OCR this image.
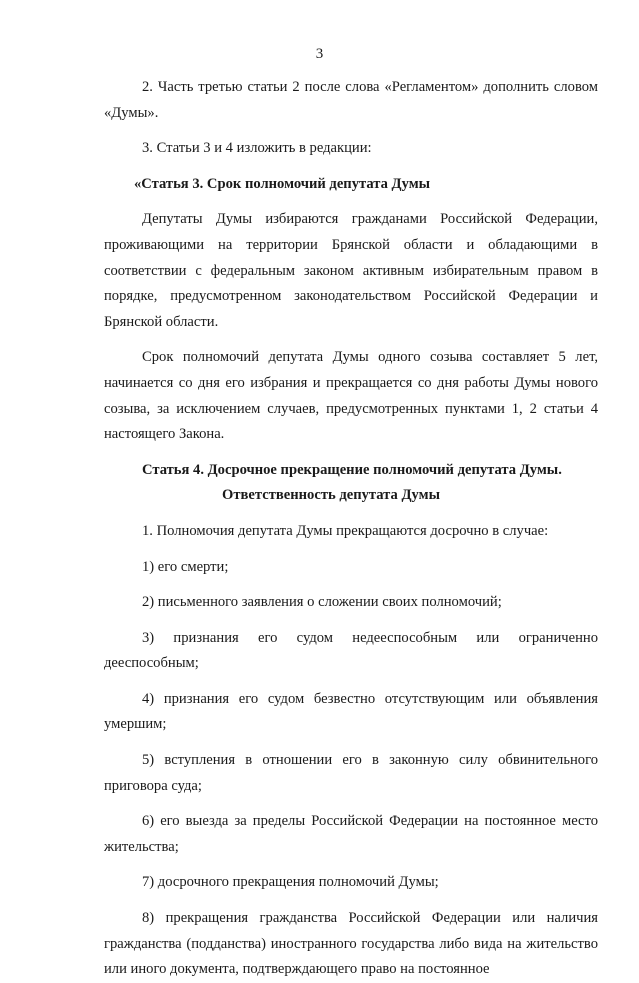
3

2. Часть третью статьи 2 после слова «Регламентом» дополнить словом «Думы».

3. Статьи 3 и 4 изложить в редакции:

«Статья 3. Срок полномочий депутата Думы

Депутаты Думы избираются гражданами Российской Федерации, проживающими на территории Брянской области и обладающими в соответствии с федеральным законом активным избирательным правом в порядке, предусмотренном законодательством Российской Федерации и Брянской области.

Срок полномочий депутата Думы одного созыва составляет 5 лет, начинается со дня его избрания и прекращается со дня работы Думы нового созыва, за исключением случаев, предусмотренных пунктами 1, 2 статьи 4 настоящего Закона.

Статья 4. Досрочное прекращение полномочий депутата Думы.
Ответственность депутата Думы

1. Полномочия депутата Думы прекращаются досрочно в случае:

1) его смерти;

2) письменного заявления о сложении своих полномочий;

3) признания его судом недееспособным или ограниченно дееспособным;

4) признания его судом безвестно отсутствующим или объявления умершим;

5) вступления в отношении его в законную силу обвинительного приговора суда;

6) его выезда за пределы Российской Федерации на постоянное место жительства;

7) досрочного прекращения полномочий Думы;

8) прекращения гражданства Российской Федерации или наличия гражданства (подданства) иностранного государства либо вида на жительство или иного документа, подтверждающего право на постоянное
